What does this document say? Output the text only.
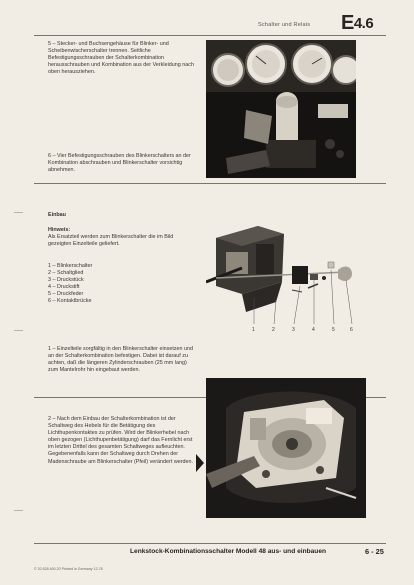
Schalter und Relais E4.6
5 – Stecker- und Buchsengehäuse für Blinker- und Scheibenwischerschalter trennen. Seitliche Befestigungsschrauben der Schalterkombination herausschrauben und Kombination aus der Verkleidung nach oben herausziehen.
6 – Vier Befestigungsschrauben des Blinkerschalters an der Kombination abschrauben und Blinkerschalter vorsichtig abnehmen.
Einbau
Hinweis:
Als Ersatzteil werden zum Blinkerschalter die im Bild gezeigten Einzelteile geliefert.
1 – Blinkerschalter
2 – Schaltglied
3 – Druckstück
4 – Druckstift
5 – Druckfeder
6 – Kontaktbrücke
1	2	3	4	5	6
1 – Einzelteile sorgfältig in den Blinkerschalter einsetzen und an der Schalterkombination befestigen. Dabei ist darauf zu achten, daß die längeren Zylinderschrauben (25 mm lang) zum Mantelrohr hin eingebaut werden.
2 – Nach dem Einbau der Schalterkombination ist der Schaltweg des Hebels für die Betätigung des Lichthupenkontaktes zu prüfen. Wird der Blinkerhebel nach oben gezogen (Lichthupenbetätigung) darf das Fernlicht erst im letzten Drittel des gesamten Schaltweges aufleuchten. Gegebenenfalls kann der Schaltweg durch Drehen der Madenschraube am Blinkerschalter (Pfeil) verändert werden.
Lenkstock-Kombinationsschalter Modell 48 aus- und einbauen	6 - 25
© 20.528.400.20 Printed in Germany 12.78
